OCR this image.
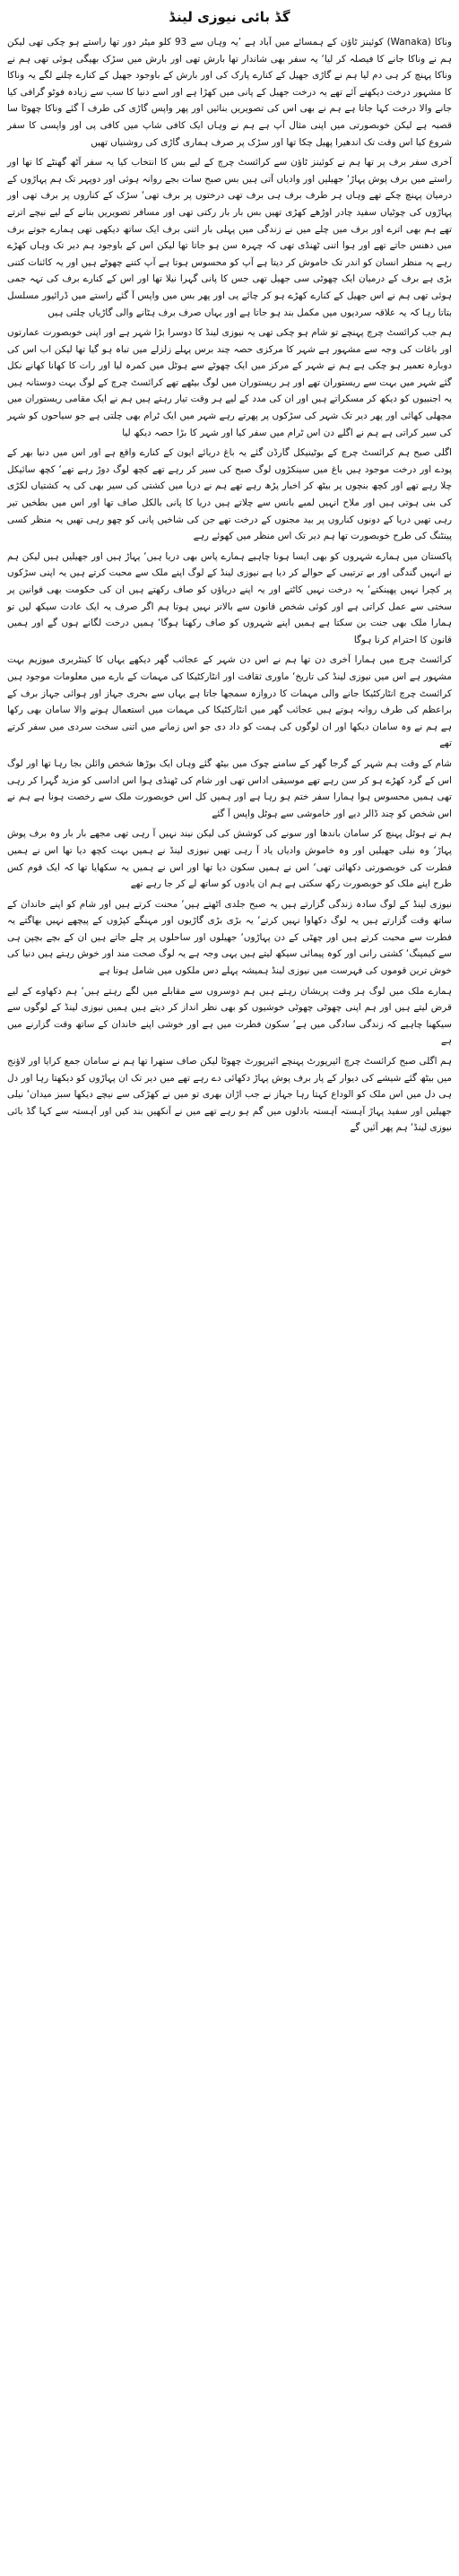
گڈ بائی نیوزی لینڈ

وناکا (Wanaka) کوئینز ٹاؤن کے ہمسائے میں آباد ہے ’یہ وہاں سے 93 کلو میٹر دور تھا راستے ہو چکی تھی لیکن ہم نے وناکا جانے کا فیصلہ کر لیا‘ یہ سفر بھی شاندار تھا بارش تھی اور بارش میں سڑک بھیگی ہوئی تھی ہم نے وناکا پہنچ کر ہی دم لیا ہم نے گاڑی جھیل کے کنارے پارک کی اور بارش کے باوجود جھیل کے کنارے چلنے لگے یہ وناکا کا مشہور درخت دیکھنے آئے تھے یہ درخت جھیل کے پانی میں کھڑا ہے اور اسے دنیا کا سب سے زیادہ فوٹو گرافی کیا جانے والا درخت کہا جاتا ہے ہم نے بھی اس کی تصویریں بنائیں اور پھر واپس گاڑی کی طرف آ گئے وناکا چھوٹا سا قصبہ ہے لیکن خوبصورتی میں اپنی مثال آپ ہے ہم نے وہاں ایک کافی شاپ میں کافی پی اور واپسی کا سفر شروع کیا اس وقت تک اندھیرا پھیل چکا تھا اور سڑک پر صرف ہماری گاڑی کی روشنیاں تھیں

آخری سفر برف پر تھا ہم نے کوئینز ٹاؤن سے کرائسٹ چرچ کے لیے بس کا انتخاب کیا یہ سفر آٹھ گھنٹے کا تھا اور راستے میں برف پوش پہاڑ‘ جھیلیں اور وادیاں آتی ہیں بس صبح سات بجے روانہ ہوئی اور دوپہر تک ہم پہاڑوں کے درمیان پہنچ چکے تھے وہاں ہر طرف برف ہی برف تھی درختوں پر برف تھی‘ سڑک کے کناروں پر برف تھی اور پہاڑوں کی چوٹیاں سفید چادر اوڑھے کھڑی تھیں بس بار بار رکتی تھی اور مسافر تصویریں بنانے کے لیے نیچے اترتے تھے ہم بھی اترے اور برف میں چلے میں نے زندگی میں پہلی بار اتنی برف ایک ساتھ دیکھی تھی ہمارے جوتے برف میں دھنس جاتے تھے اور ہوا اتنی ٹھنڈی تھی کہ چہرہ سن ہو جاتا تھا لیکن اس کے باوجود ہم دیر تک وہاں کھڑے رہے یہ منظر انسان کو اندر تک خاموش کر دیتا ہے آپ کو محسوس ہوتا ہے آپ کتنے چھوٹے ہیں اور یہ کائنات کتنی بڑی ہے برف کے درمیان ایک چھوٹی سی جھیل تھی جس کا پانی گہرا نیلا تھا اور اس کے کنارے برف کی تہہ جمی ہوئی تھی ہم نے اس جھیل کے کنارے کھڑے ہو کر چائے پی اور پھر بس میں واپس آ گئے راستے میں ڈرائیور مسلسل بتاتا رہا کہ یہ علاقہ سردیوں میں مکمل بند ہو جاتا ہے اور یہاں صرف برف ہٹانے والی گاڑیاں چلتی ہیں

ہم جب کرائسٹ چرچ پہنچے تو شام ہو چکی تھی یہ نیوزی لینڈ کا دوسرا بڑا شہر ہے اور اپنی خوبصورت عمارتوں اور باغات کی وجہ سے مشہور ہے شہر کا مرکزی حصہ چند برس پہلے زلزلے میں تباہ ہو گیا تھا لیکن اب اس کی دوبارہ تعمیر ہو چکی ہے ہم نے شہر کے مرکز میں ایک چھوٹے سے ہوٹل میں کمرہ لیا اور رات کا کھانا کھانے نکل گئے شہر میں بہت سے ریستوران تھے اور ہر ریستوران میں لوگ بیٹھے تھے کرائسٹ چرچ کے لوگ بہت دوستانہ ہیں یہ اجنبیوں کو دیکھ کر مسکراتے ہیں اور ان کی مدد کے لیے ہر وقت تیار رہتے ہیں ہم نے ایک مقامی ریستوران میں مچھلی کھائی اور پھر دیر تک شہر کی سڑکوں پر پھرتے رہے شہر میں ایک ٹرام بھی چلتی ہے جو سیاحوں کو شہر کی سیر کراتی ہے ہم نے اگلے دن اس ٹرام میں سفر کیا اور شہر کا بڑا حصہ دیکھ لیا

اگلی صبح ہم کرائسٹ چرچ کے بوٹینیکل گارڈن گئے یہ باغ دریائے ایون کے کنارے واقع ہے اور اس میں دنیا بھر کے پودے اور درخت موجود ہیں باغ میں سینکڑوں لوگ صبح کی سیر کر رہے تھے کچھ لوگ دوڑ رہے تھے‘ کچھ سائیکل چلا رہے تھے اور کچھ بنچوں پر بیٹھ کر اخبار پڑھ رہے تھے ہم نے دریا میں کشتی کی سیر بھی کی یہ کشتیاں لکڑی کی بنی ہوتی ہیں اور ملاح انہیں لمبے بانس سے چلاتے ہیں دریا کا پانی بالکل صاف تھا اور اس میں بطخیں تیر رہی تھیں دریا کے دونوں کناروں پر بید مجنوں کے درخت تھے جن کی شاخیں پانی کو چھو رہی تھیں یہ منظر کسی پینٹنگ کی طرح خوبصورت تھا ہم دیر تک اس منظر میں کھوئے رہے

پاکستان میں ہمارے شہروں کو بھی ایسا ہونا چاہیے ہمارے پاس بھی دریا ہیں‘ پہاڑ ہیں اور جھیلیں ہیں لیکن ہم نے انہیں گندگی اور بے ترتیبی کے حوالے کر دیا ہے نیوزی لینڈ کے لوگ اپنے ملک سے محبت کرتے ہیں یہ اپنی سڑکوں پر کچرا نہیں پھینکتے‘ یہ درخت نہیں کاٹتے اور یہ اپنے دریاؤں کو صاف رکھتے ہیں ان کی حکومت بھی قوانین پر سختی سے عمل کراتی ہے اور کوئی شخص قانون سے بالاتر نہیں ہوتا ہم اگر صرف یہ ایک عادت سیکھ لیں تو ہمارا ملک بھی جنت بن سکتا ہے ہمیں اپنے شہروں کو صاف رکھنا ہوگا‘ ہمیں درخت لگانے ہوں گے اور ہمیں قانون کا احترام کرنا ہوگا

کرائسٹ چرچ میں ہمارا آخری دن تھا ہم نے اس دن شہر کے عجائب گھر دیکھے یہاں کا کینٹربری میوزیم بہت مشہور ہے اس میں نیوزی لینڈ کی تاریخ‘ ماوری ثقافت اور انٹارکٹیکا کی مہمات کے بارے میں معلومات موجود ہیں کرائسٹ چرچ انٹارکٹیکا جانے والی مہمات کا دروازہ سمجھا جاتا ہے یہاں سے بحری جہاز اور ہوائی جہاز برف کے براعظم کی طرف روانہ ہوتے ہیں عجائب گھر میں انٹارکٹیکا کی مہمات میں استعمال ہونے والا سامان بھی رکھا ہے ہم نے وہ سامان دیکھا اور ان لوگوں کی ہمت کو داد دی جو اس زمانے میں اتنی سخت سردی میں سفر کرتے تھے

شام کے وقت ہم شہر کے گرجا گھر کے سامنے چوک میں بیٹھ گئے وہاں ایک بوڑھا شخص وائلن بجا رہا تھا اور لوگ اس کے گرد کھڑے ہو کر سن رہے تھے موسیقی اداس تھی اور شام کی ٹھنڈی ہوا اس اداسی کو مزید گہرا کر رہی تھی ہمیں محسوس ہوا ہمارا سفر ختم ہو رہا ہے اور ہمیں کل اس خوبصورت ملک سے رخصت ہونا ہے ہم نے اس شخص کو چند ڈالر دیے اور خاموشی سے ہوٹل واپس آ گئے

ہم نے ہوٹل پہنچ کر سامان باندھا اور سونے کی کوشش کی لیکن نیند نہیں آ رہی تھی مجھے بار بار وہ برف پوش پہاڑ‘ وہ نیلی جھیلیں اور وہ خاموش وادیاں یاد آ رہی تھیں نیوزی لینڈ نے ہمیں بہت کچھ دیا تھا اس نے ہمیں فطرت کی خوبصورتی دکھائی تھی‘ اس نے ہمیں سکون دیا تھا اور اس نے ہمیں یہ سکھایا تھا کہ ایک قوم کس طرح اپنے ملک کو خوبصورت رکھ سکتی ہے ہم ان یادوں کو ساتھ لے کر جا رہے تھے

نیوزی لینڈ کے لوگ سادہ زندگی گزارتے ہیں یہ صبح جلدی اٹھتے ہیں‘ محنت کرتے ہیں اور شام کو اپنے خاندان کے ساتھ وقت گزارتے ہیں یہ لوگ دکھاوا نہیں کرتے‘ یہ بڑی بڑی گاڑیوں اور مہنگے کپڑوں کے پیچھے نہیں بھاگتے یہ فطرت سے محبت کرتے ہیں اور چھٹی کے دن پہاڑوں‘ جھیلوں اور ساحلوں پر چلے جاتے ہیں ان کے بچے بچپن ہی سے کیمپنگ‘ کشتی رانی اور کوہ پیمائی سیکھ لیتے ہیں یہی وجہ ہے یہ لوگ صحت مند اور خوش رہتے ہیں دنیا کی خوش ترین قوموں کی فہرست میں نیوزی لینڈ ہمیشہ پہلے دس ملکوں میں شامل ہوتا ہے

ہمارے ملک میں لوگ ہر وقت پریشان رہتے ہیں ہم دوسروں سے مقابلے میں لگے رہتے ہیں‘ ہم دکھاوے کے لیے قرض لیتے ہیں اور ہم اپنی چھوٹی چھوٹی خوشیوں کو بھی نظر انداز کر دیتے ہیں ہمیں نیوزی لینڈ کے لوگوں سے سیکھنا چاہیے کہ زندگی سادگی میں ہے‘ سکون فطرت میں ہے اور خوشی اپنے خاندان کے ساتھ وقت گزارنے میں ہے

ہم اگلی صبح کرائسٹ چرچ ائیرپورٹ پہنچے ائیرپورٹ چھوٹا لیکن صاف ستھرا تھا ہم نے سامان جمع کرایا اور لاؤنج میں بیٹھ گئے شیشے کی دیوار کے پار برف پوش پہاڑ دکھائی دے رہے تھے میں دیر تک ان پہاڑوں کو دیکھتا رہا اور دل ہی دل میں اس ملک کو الوداع کہتا رہا جہاز نے جب اڑان بھری تو میں نے کھڑکی سے نیچے دیکھا سبز میدان‘ نیلی جھیلیں اور سفید پہاڑ آہستہ آہستہ بادلوں میں گم ہو رہے تھے میں نے آنکھیں بند کیں اور آہستہ سے کہا گڈ بائی نیوزی لینڈ‘ ہم پھر آئیں گے
